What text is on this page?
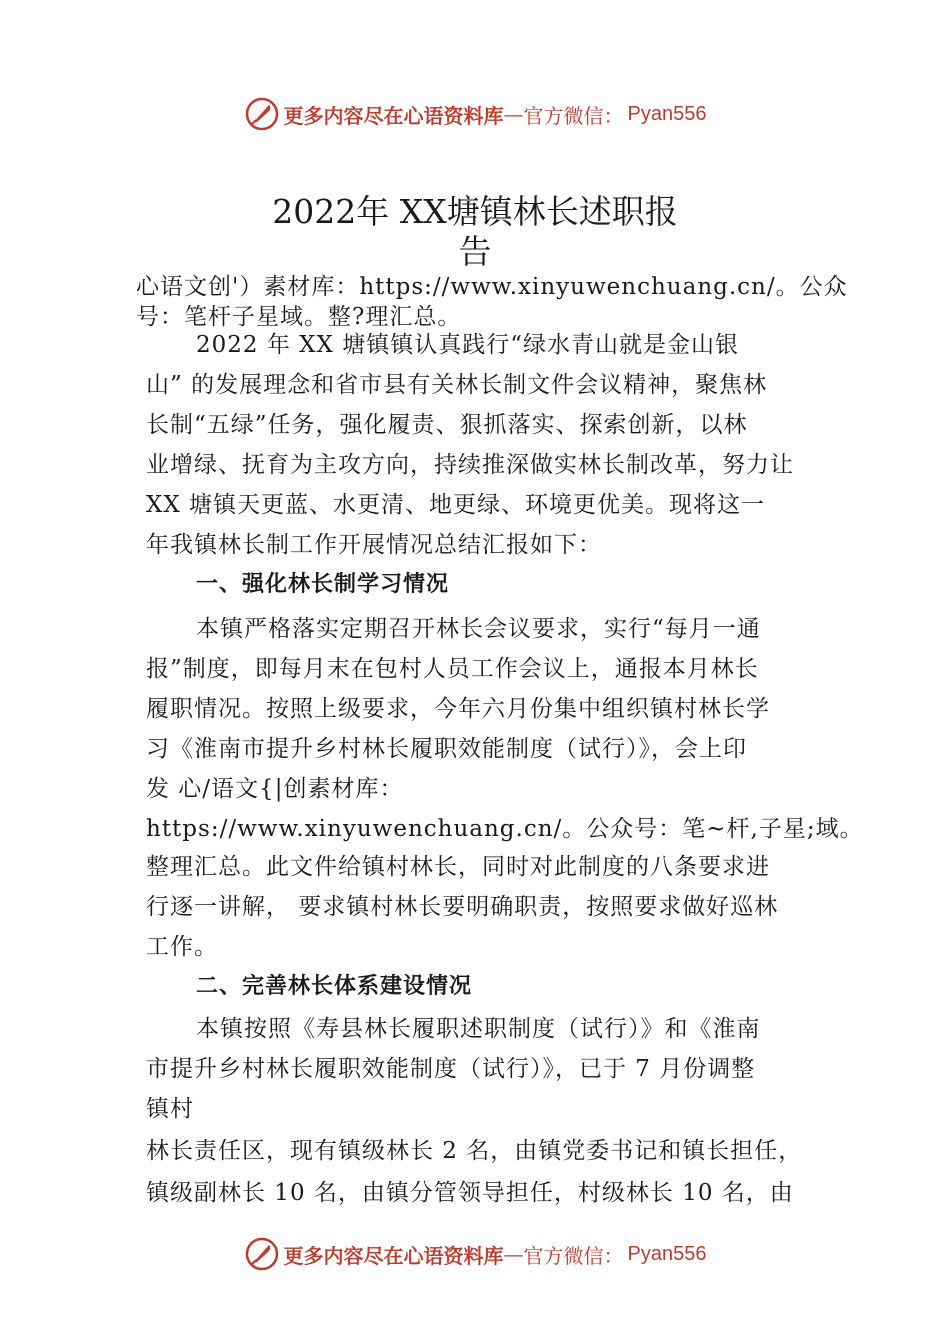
更多内容尽在心语资料库 — 官方微信： Pyan556
2022年 XX塘镇林长述职报
告
心语文创'）素材库：https://www.xinyuwenchuang.cn/。公众
号：笔杆子星域。整?理汇总。
2022 年 XX 塘镇镇认真践行“绿水青山就是金山银
山” 的发展理念和省市县有关林长制文件会议精神，聚焦林
长制“五绿”任务，强化履责、狠抓落实、探索创新，以林
业增绿、抚育为主攻方向，持续推深做实林长制改革，努力让
XX 塘镇天更蓝、水更清、地更绿、环境更优美。现将这一
年我镇林长制工作开展情况总结汇报如下：
一、强化林长制学习情况
本镇严格落实定期召开林长会议要求，实行“每月一通
报”制度，即每月末在包村人员工作会议上，通报本月林长
履职情况。按照上级要求，今年六月份集中组织镇村林长学
习《淮南市提升乡村林长履职效能制度（试行）》，会上印
发 心/语文{|创素材库：
https://www.xinyuwenchuang.cn/。公众号：笔~杆,子星;域。
整理汇总。此文件给镇村林长，同时对此制度的八条要求进
行逐一讲解， 要求镇村林长要明确职责，按照要求做好巡林
工作。
二、完善林长体系建设情况
本镇按照《寿县林长履职述职制度（试行）》和《淮南
市提升乡村林长履职效能制度（试行）》，已于 7 月份调整
镇村
林长责任区，现有镇级林长 2 名，由镇党委书记和镇长担任，
镇级副林长 10 名，由镇分管领导担任，村级林长 10 名，由
更多内容尽在心语资料库 — 官方微信： Pyan556
